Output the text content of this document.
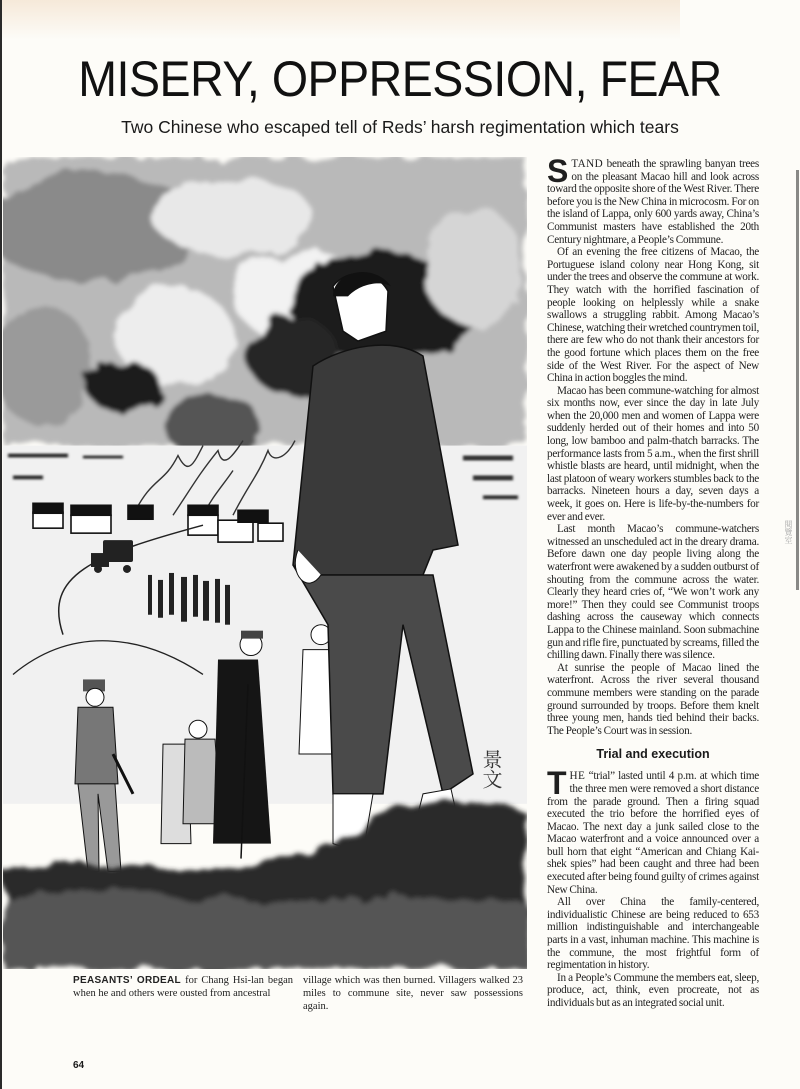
閱覽室
MISERY, OPPRESSION, FEAR
Two Chinese who escaped tell of Reds’ harsh regimentation which tears
景文
PEASANTS’ ORDEAL for Chang Hsi-lan began when he and others were ousted from ancestral
village which was then burned. Villagers walked 23 miles to commune site, never saw possessions again.
64

STAND beneath the sprawling banyan trees on the pleasant Macao hill and look across toward the opposite shore of the West River. There before you is the New China in microcosm. For on the island of Lappa, only 600 yards away, China’s Communist masters have established the 20th Century nightmare, a People’s Commune.

Of an evening the free citizens of Macao, the Portuguese island colony near Hong Kong, sit under the trees and observe the commune at work. They watch with the horrified fascination of people looking on helplessly while a snake swallows a struggling rabbit. Among Macao’s Chinese, watching their wretched countrymen toil, there are few who do not thank their ancestors for the good fortune which places them on the free side of the West River. For the aspect of New China in action boggles the mind.

Macao has been commune-watching for almost six months now, ever since the day in late July when the 20,000 men and women of Lappa were suddenly herded out of their homes and into 50 long, low bamboo and palm-thatch barracks. The performance lasts from 5 a.m., when the first shrill whistle blasts are heard, until midnight, when the last platoon of weary workers stumbles back to the barracks. Nineteen hours a day, seven days a week, it goes on. Here is life-by-the-numbers for ever and ever.

Last month Macao’s commune-watchers witnessed an unscheduled act in the dreary drama. Before dawn one day people living along the waterfront were awakened by a sudden outburst of shouting from the commune across the water. Clearly they heard cries of, “We won’t work any more!” Then they could see Communist troops dashing across the causeway which connects Lappa to the Chinese mainland. Soon submachine gun and rifle fire, punctuated by screams, filled the chilling dawn. Finally there was silence.

At sunrise the people of Macao lined the waterfront. Across the river several thousand commune members were standing on the parade ground surrounded by troops. Before them knelt three young men, hands tied behind their backs. The People’s Court was in session.

Trial and execution

THE “trial” lasted until 4 p.m. at which time the three men were removed a short distance from the parade ground. Then a firing squad executed the trio before the horrified eyes of Macao. The next day a junk sailed close to the Macao waterfront and a voice announced over a bull horn that eight “American and Chiang Kai-shek spies” had been caught and three had been executed after being found guilty of crimes against New China.

All over China the family-centered, individualistic Chinese are being reduced to 653 million indistinguishable and interchangeable parts in a vast, inhuman machine. This machine is the commune, the most frightful form of regimentation in history.

In a People’s Commune the members eat, sleep, produce, act, think, even procreate, not as individuals but as an integrated social unit.
